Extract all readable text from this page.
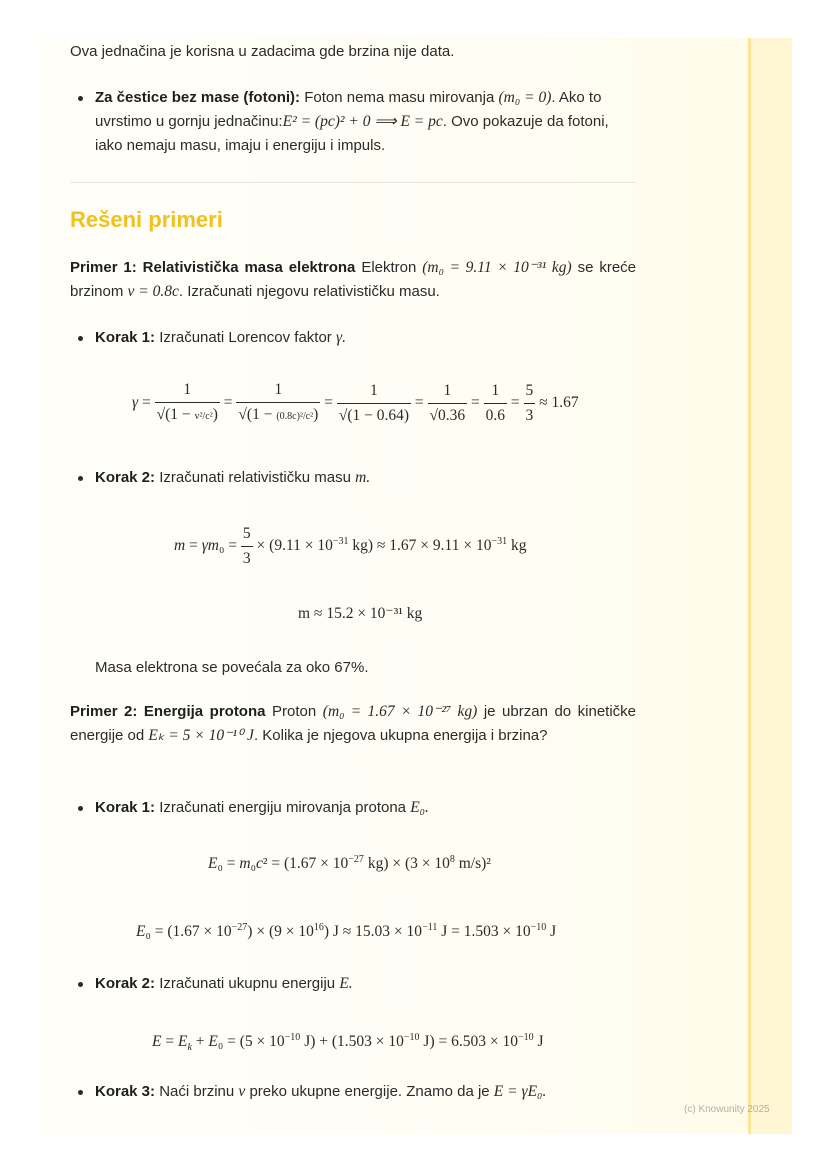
Ova jednačina je korisna u zadacima gde brzina nije data.

Za čestice bez mase (fotoni): Foton nema masu mirovanja (m₀ = 0). Ako to uvrstimo u gornju jednačinu:E² = (pc)² + 0 ⟹ E = pc. Ovo pokazuje da fotoni, iako nemaju masu, imaju i energiju i impuls.
Rešeni primeri

Primer 1: Relativistička masa elektrona Elektron (m₀ = 9.11 × 10⁻³¹ kg) se kreće brzinom v = 0.8c. Izračunati njegovu relativističku masu.

Korak 1: Izračunati Lorencov faktor γ.
$\gamma = \frac{1}{\text{√(1 − v²/c²)}} = \frac{1}{\text{√(1 − (0.8c)²/c²)}} = \frac{1}{√(1 - 0.64)} = \frac{1}{√0.36} = \frac{1}{0.6} = \frac{5}{3} \approx 1.67$
Korak 2: Izračunati relativističku masu m.
$m = \gamma m_0 = \frac{5}{3} \times (9.11 \times 10^{-31}$ $kg) \approx 1.67 \times 9.11 \times 10^{-31}$ kg
m ≈ 15.2 × 10⁻³¹ kg

Masa elektrona se povećala za oko 67%.

Primer 2: Energija protona Proton (m₀ = 1.67 × 10⁻²⁷ kg) je ubrzan do kinetičke energije od Eₖ = 5 × 10⁻¹⁰ J. Kolika je njegova ukupna energija i brzina?

Korak 1: Izračunati energiju mirovanja protona E₀.
$E_0 = m_0c^2 = (1.67 \times 10^{-27}$ $kg) \times (3 \times 10^8$ m/s)²
$E_0 = (1.67 \times 10^{-27}) \times (9 \times 10^{16})$ $J \approx 15.03 \times 10^{-11}$ $J = 1.503 \times 10^{-10}$ J
Korak 2: Izračunati ukupnu energiju E.
$E = E_k + E_0 = (5 \times 10^{-10}$ $J) + (1.503 \times 10^{-10}$ $J) = 6.503 \times 10^{-10}$ J
Korak 3: Naći brzinu v preko ukupne energije. Znamo da je E = γE₀.
(c) Knowunity 2025
